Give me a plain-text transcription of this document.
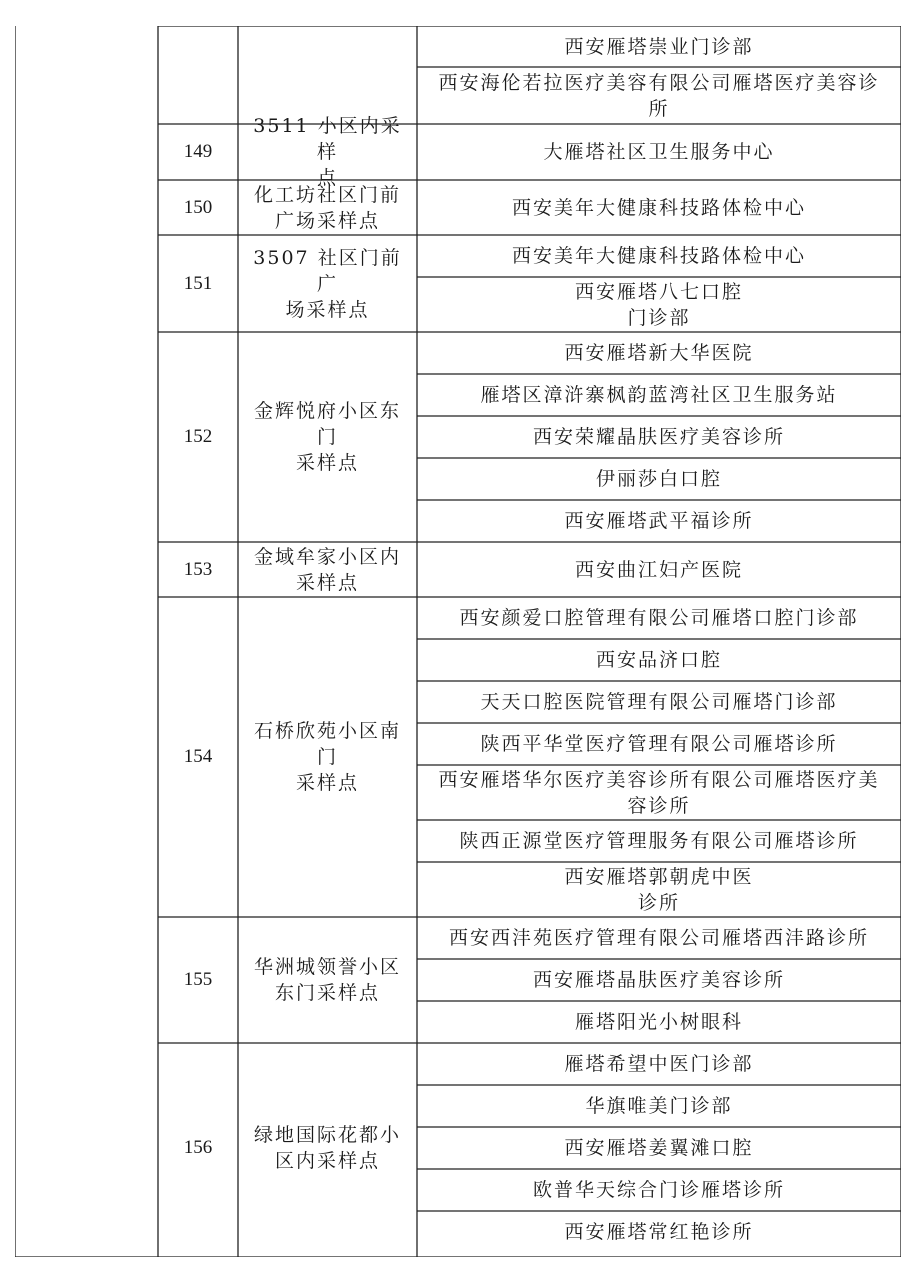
西安雁塔崇业门诊部
西安海伦若拉医疗美容有限公司雁塔医疗美容诊
所
149
3511 小区内采样
点
大雁塔社区卫生服务中心
150
化工坊社区门前
广场采样点
西安美年大健康科技路体检中心
151
3507 社区门前广
场采样点
西安美年大健康科技路体检中心
西安雁塔八七口腔
门诊部
152
金辉悦府小区东
门
采样点
西安雁塔新大华医院
雁塔区漳浒寨枫韵蓝湾社区卫生服务站
西安荣耀晶肤医疗美容诊所
伊丽莎白口腔
西安雁塔武平福诊所
153
金域牟家小区内
采样点
西安曲江妇产医院
154
石桥欣苑小区南
门
采样点
西安颜爱口腔管理有限公司雁塔口腔门诊部
西安品济口腔
天天口腔医院管理有限公司雁塔门诊部
陕西平华堂医疗管理有限公司雁塔诊所
西安雁塔华尔医疗美容诊所有限公司雁塔医疗美
容诊所
陕西正源堂医疗管理服务有限公司雁塔诊所
西安雁塔郭朝虎中医
诊所
155
华洲城领誉小区
东门采样点
西安西沣苑医疗管理有限公司雁塔西沣路诊所
西安雁塔晶肤医疗美容诊所
雁塔阳光小树眼科
156
绿地国际花都小
区内采样点
雁塔希望中医门诊部
华旗唯美门诊部
西安雁塔姜翼滩口腔
欧普华天综合门诊雁塔诊所
西安雁塔常红艳诊所
